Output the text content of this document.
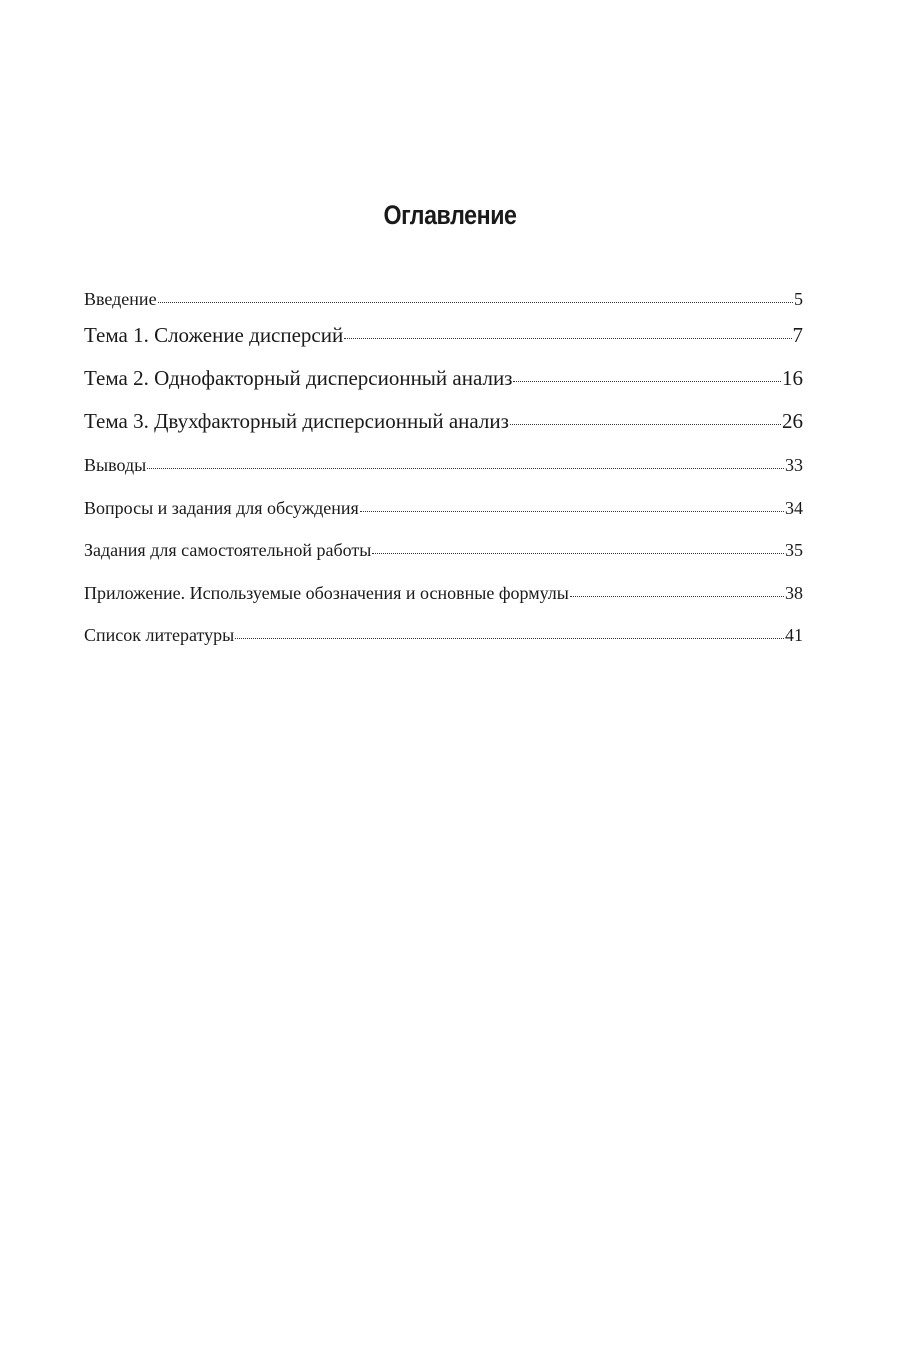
Оглавление
Введение	5
Тема 1. Сложение дисперсий	7
Тема 2. Однофакторный дисперсионный анализ	16
Тема 3. Двухфакторный дисперсионный анализ	26
Выводы	33
Вопросы и задания для обсуждения	34
Задания для самостоятельной работы	35
Приложение. Используемые обозначения и основные формулы	38
Список литературы	41
